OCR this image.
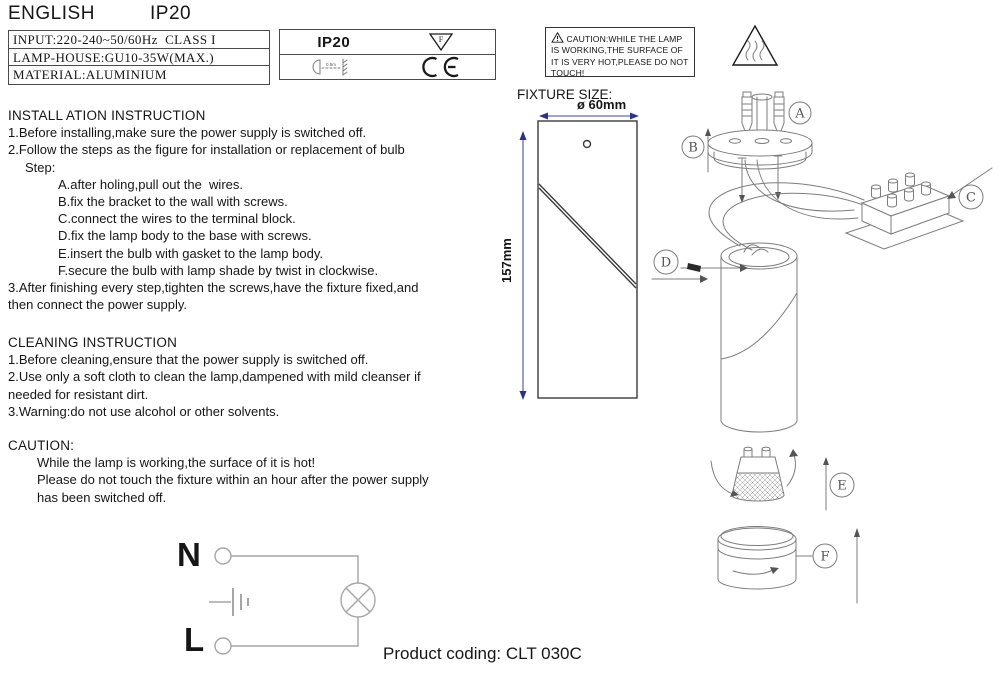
ENGLISH	IP20
INPUT:220-240~50/60Hz  CLASS I
LAMP-HOUSE:GU10-35W(MAX.)
MATERIAL:ALUMINIUM
IP20	F
0.5m
CAUTION:WHILE THE LAMP IS WORKING,THE SURFACE OF IT IS VERY HOT,PLEASE DO NOT TOUCH!
INSTALL ATION INSTRUCTION
1.Before installing,make sure the power supply is switched off.
2.Follow the steps as the figure for installation or replacement of bulb
Step:
A.after holing,pull out the  wires.
B.fix the bracket to the wall with screws.
C.connect the wires to the terminal block.
D.fix the lamp body to the base with screws.
E.insert the bulb with gasket to the lamp body.
F.secure the bulb with lamp shade by twist in clockwise.
3.After finishing every step,tighten the screws,have the fixture fixed,and
then connect the power supply.
CLEANING INSTRUCTION
1.Before cleaning,ensure that the power supply is switched off.
2.Use only a soft cloth to clean the lamp,dampened with mild cleanser if
needed for resistant dirt.
3.Warning:do not use alcohol or other solvents.
CAUTION:
While the lamp is working,the surface of it is hot!
Please do not touch the fixture within an hour after the power supply
has been switched off.
FIXTURE SIZE:
ø 60mm
157mm
A
B
C
D
E
F
N
L	Product coding: CLT 030C
